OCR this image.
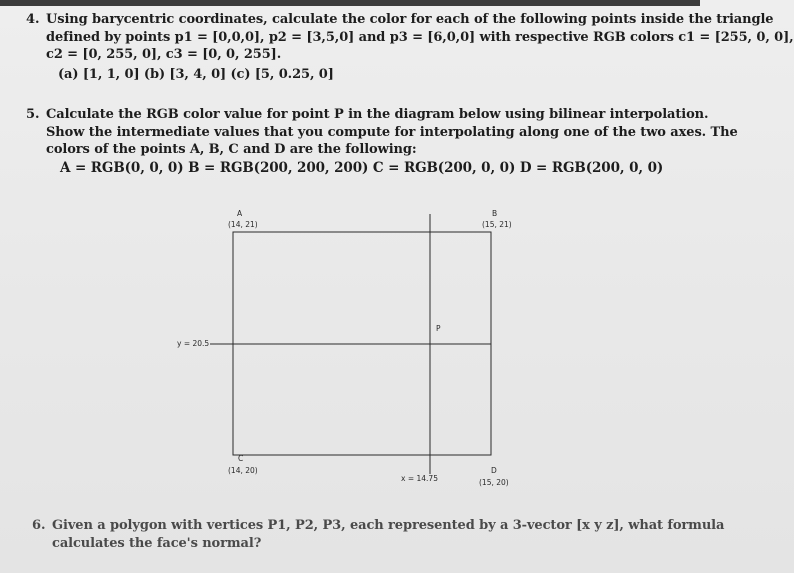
4. Using barycentric coordinates, calculate the color for each of the following points inside the triangle
defined by points p1 = [0,0,0], p2 = [3,5,0] and p3 = [6,0,0] with respective RGB colors c1 = [255, 0, 0],
c2 = [0, 255, 0], c3 = [0, 0, 255].
(a) [1, 1, 0] (b) [3, 4, 0] (c) [5, 0.25, 0]
5. Calculate the RGB color value for point P in the diagram below using bilinear interpolation.
Show the intermediate values that you compute for interpolating along one of the two axes. The
colors of the points A, B, C and D are the following:
A = RGB(0, 0, 0) B = RGB(200, 200, 200) C = RGB(200, 0, 0) D = RGB(200, 0, 0)
A
(14, 21)
B
(15, 21)
P
y = 20.5
C
(14, 20)	D
(15, 20)
x = 14.75
6. Given a polygon with vertices P1, P2, P3, each represented by a 3-vector [x y z], what formula
calculates the face's normal?
